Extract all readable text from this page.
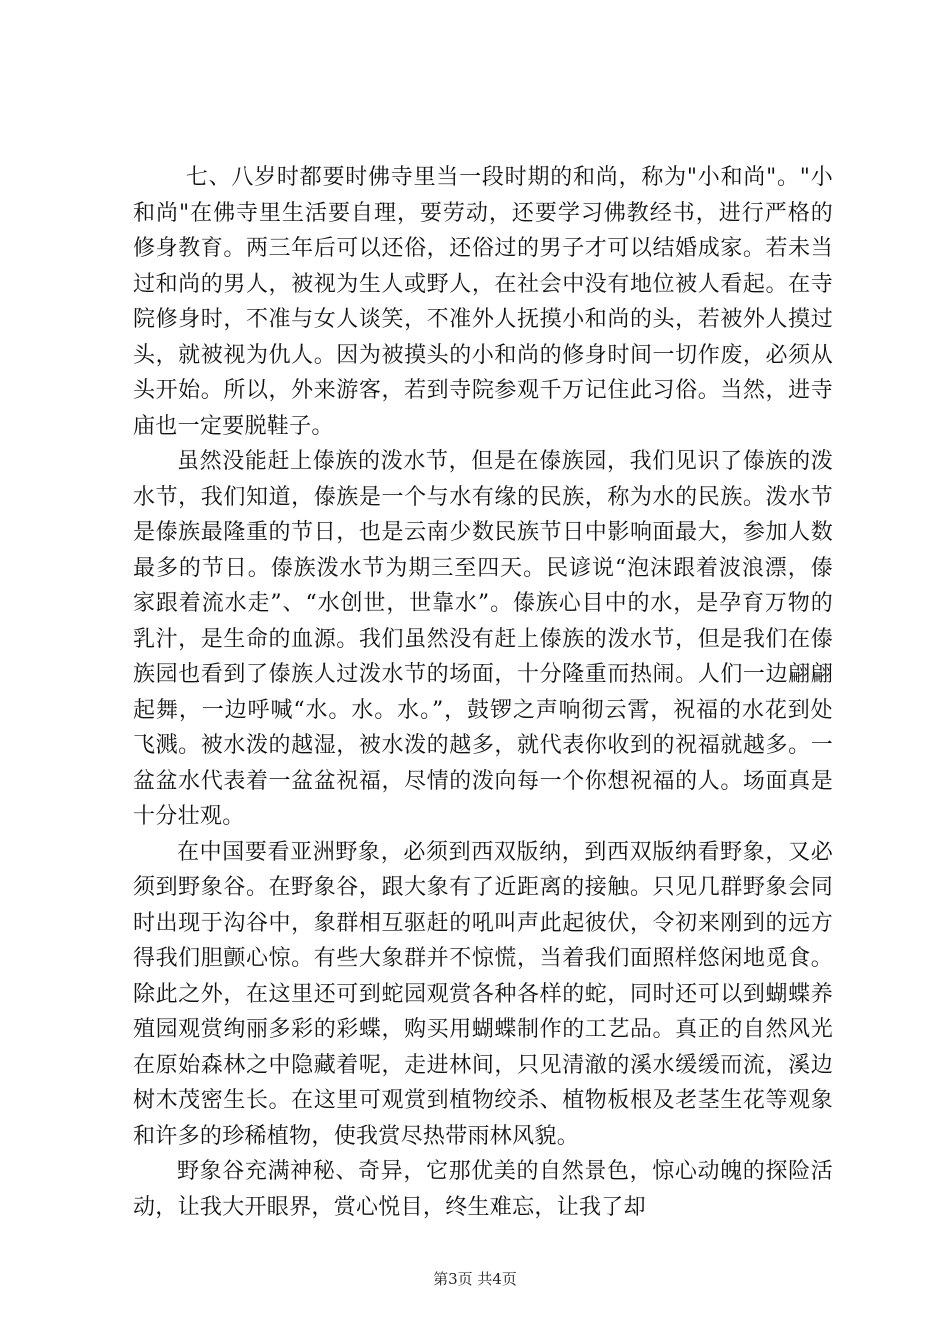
七、八岁时都要时佛寺里当一段时期的和尚，称为"小和尚"。"小和尚"在佛寺里生活要自理，要劳动，还要学习佛教经书，进行严格的修身教育。两三年后可以还俗，还俗过的男子才可以结婚成家。若未当过和尚的男人，被视为生人或野人，在社会中没有地位被人看起。在寺院修身时，不准与女人谈笑，不准外人抚摸小和尚的头，若被外人摸过头，就被视为仇人。因为被摸头的小和尚的修身时间一切作废，必须从头开始。所以，外来游客，若到寺院参观千万记住此习俗。当然，进寺庙也一定要脱鞋子。

虽然没能赶上傣族的泼水节，但是在傣族园，我们见识了傣族的泼水节，我们知道，傣族是一个与水有缘的民族，称为水的民族。泼水节是傣族最隆重的节日，也是云南少数民族节日中影响面最大，参加人数最多的节日。傣族泼水节为期三至四天。民谚说“泡沫跟着波浪漂，傣家跟着流水走”、“水创世，世靠水”。傣族心目中的水，是孕育万物的乳汁，是生命的血源。我们虽然没有赶上傣族的泼水节，但是我们在傣族园也看到了傣族人过泼水节的场面，十分隆重而热闹。人们一边翩翩起舞，一边呼喊“水。水。水。”，鼓锣之声响彻云霄，祝福的水花到处飞溅。被水泼的越湿，被水泼的越多，就代表你收到的祝福就越多。一盆盆水代表着一盆盆祝福，尽情的泼向每一个你想祝福的人。场面真是十分壮观。

在中国要看亚洲野象，必须到西双版纳，到西双版纳看野象，又必须到野象谷。在野象谷，跟大象有了近距离的接触。只见几群野象会同时出现于沟谷中，象群相互驱赶的吼叫声此起彼伏，令初来刚到的远方得我们胆颤心惊。有些大象群并不惊慌，当着我们面照样悠闲地觅食。除此之外，在这里还可到蛇园观赏各种各样的蛇，同时还可以到蝴蝶养殖园观赏绚丽多彩的彩蝶，购买用蝴蝶制作的工艺品。真正的自然风光在原始森林之中隐藏着呢，走进林间，只见清澈的溪水缓缓而流，溪边树木茂密生长。在这里可观赏到植物绞杀、植物板根及老茎生花等观象和许多的珍稀植物，使我赏尽热带雨林风貌。

野象谷充满神秘、奇异，它那优美的自然景色，惊心动魄的探险活动，让我大开眼界，赏心悦目，终生难忘，让我了却

第3页 共4页
